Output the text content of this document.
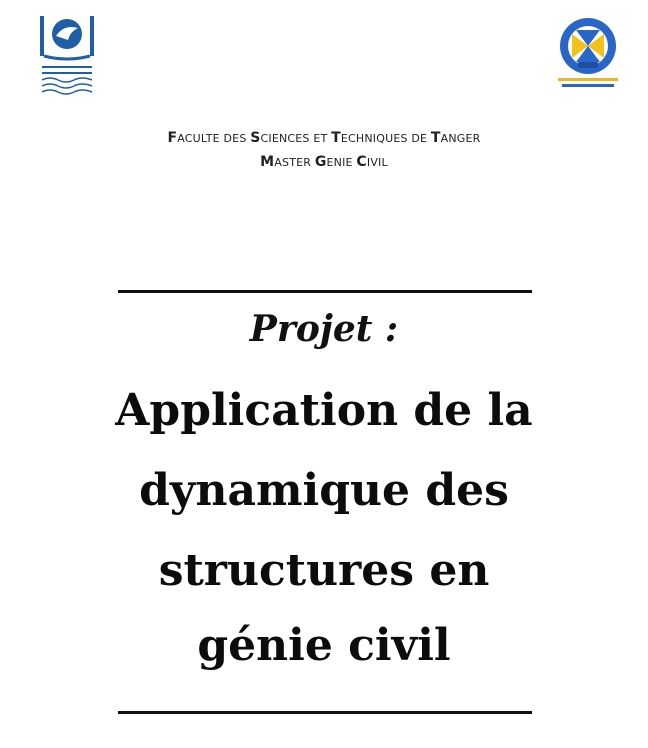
FACULTE DES SCIENCES ET TECHNIQUES DE TANGER
MASTER GENIE CIVIL
Projet :
Application de la
dynamique des
structures en
génie civil
